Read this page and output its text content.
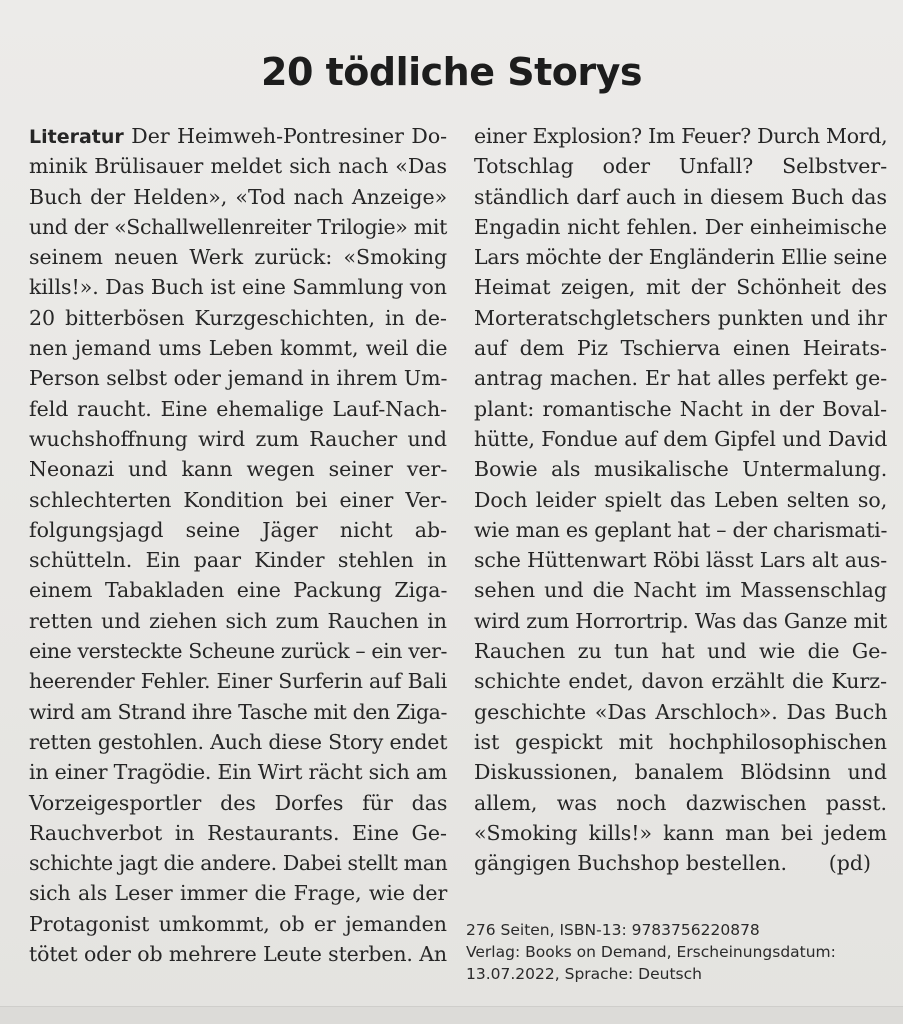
20 tödliche Storys
Literatur Der Heimweh-Pontresiner Do-
minik Brülisauer meldet sich nach «Das
Buch der Helden», «Tod nach Anzeige»
und der «Schallwellenreiter Trilogie» mit
seinem neuen Werk zurück: «Smoking
kills!». Das Buch ist eine Sammlung von
20 bitterbösen Kurzgeschichten, in de-
nen jemand ums Leben kommt, weil die
Person selbst oder jemand in ihrem Um-
feld raucht. Eine ehemalige Lauf-Nach-
wuchshoffnung wird zum Raucher und
Neonazi und kann wegen seiner ver-
schlechterten Kondition bei einer Ver-
folgungsjagd seine Jäger nicht ab-
schütteln. Ein paar Kinder stehlen in
einem Tabakladen eine Packung Ziga-
retten und ziehen sich zum Rauchen in
eine versteckte Scheune zurück – ein ver-
heerender Fehler. Einer Surferin auf Bali
wird am Strand ihre Tasche mit den Ziga-
retten gestohlen. Auch diese Story endet
in einer Tragödie. Ein Wirt rächt sich am
Vorzeigesportler des Dorfes für das
Rauchverbot in Restaurants. Eine Ge-
schichte jagt die andere. Dabei stellt man
sich als Leser immer die Frage, wie der
Protagonist umkommt, ob er jemanden
tötet oder ob mehrere Leute sterben. An
einer Explosion? Im Feuer? Durch Mord,
Totschlag oder Unfall? Selbstver-
ständlich darf auch in diesem Buch das
Engadin nicht fehlen. Der einheimische
Lars möchte der Engländerin Ellie seine
Heimat zeigen, mit der Schönheit des
Morteratschgletschers punkten und ihr
auf dem Piz Tschierva einen Heirats-
antrag machen. Er hat alles perfekt ge-
plant: romantische Nacht in der Boval-
hütte, Fondue auf dem Gipfel und David
Bowie als musikalische Untermalung.
Doch leider spielt das Leben selten so,
wie man es geplant hat – der charismati-
sche Hüttenwart Röbi lässt Lars alt aus-
sehen und die Nacht im Massenschlag
wird zum Horrortrip. Was das Ganze mit
Rauchen zu tun hat und wie die Ge-
schichte endet, davon erzählt die Kurz-
geschichte «Das Arschloch». Das Buch
ist gespickt mit hochphilosophischen
Diskussionen, banalem Blödsinn und
allem, was noch dazwischen passt.
«Smoking kills!» kann man bei jedem
gängigen Buchshop bestellen. (pd)
276 Seiten, ISBN-13: 9783756220878
Verlag: Books on Demand, Erscheinungsdatum:
13.07.2022, Sprache: Deutsch
